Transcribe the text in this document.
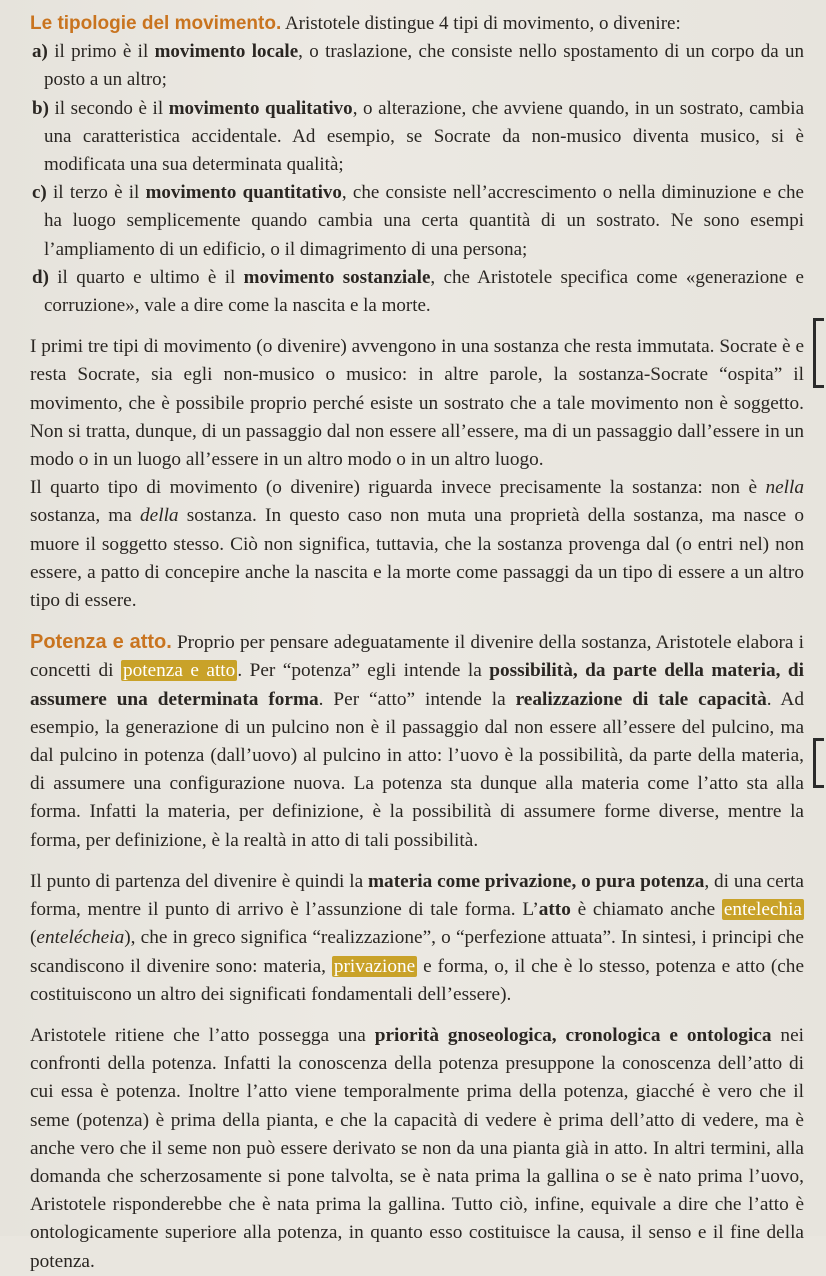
Le tipologie del movimento. Aristotele distingue 4 tipi di movimento, o divenire:

a) il primo è il movimento locale, o traslazione, che consiste nello spostamento di un corpo da un posto a un altro;
b) il secondo è il movimento qualitativo, o alterazione, che avviene quando, in un sostrato, cambia una caratteristica accidentale. Ad esempio, se Socrate da non-musico diventa musico, si è modificata una sua determinata qualità;
c) il terzo è il movimento quantitativo, che consiste nell’accrescimento o nella diminuzione e che ha luogo semplicemente quando cambia una certa quantità di un sostrato. Ne sono esempi l’ampliamento di un edificio, o il dimagrimento di una persona;
d) il quarto e ultimo è il movimento sostanziale, che Aristotele specifica come «generazione e corruzione», vale a dire come la nascita e la morte.

I primi tre tipi di movimento (o divenire) avvengono in una sostanza che resta immutata. Socrate è e resta Socrate, sia egli non-musico o musico: in altre parole, la sostanza-Socrate “ospita” il movimento, che è possibile proprio perché esiste un sostrato che a tale movimento non è soggetto. Non si tratta, dunque, di un passaggio dal non essere all’essere, ma di un passaggio dall’essere in un modo o in un luogo all’essere in un altro modo o in un altro luogo.

Il quarto tipo di movimento (o divenire) riguarda invece precisamente la sostanza: non è nella sostanza, ma della sostanza. In questo caso non muta una proprietà della sostanza, ma nasce o muore il soggetto stesso. Ciò non significa, tuttavia, che la sostanza provenga dal (o entri nel) non essere, a patto di concepire anche la nascita e la morte come passaggi da un tipo di essere a un altro tipo di essere.

Potenza e atto. Proprio per pensare adeguatamente il divenire della sostanza, Aristotele elabora i concetti di potenza e atto . Per “potenza” egli intende la possibilità, da parte della materia, di assumere una determinata forma. Per “atto” intende la realizzazione di tale capacità. Ad esempio, la generazione di un pulcino non è il passaggio dal non essere all’essere del pulcino, ma dal pulcino in potenza (dall’uovo) al pulcino in atto: l’uovo è la possibilità, da parte della materia, di assumere una configurazione nuova. La potenza sta dunque alla materia come l’atto sta alla forma. Infatti la materia, per definizione, è la possibilità di assumere forme diverse, mentre la forma, per definizione, è la realtà in atto di tali possibilità.

Il punto di partenza del divenire è quindi la materia come privazione, o pura potenza, di una certa forma, mentre il punto di arrivo è l’assunzione di tale forma. L’atto è chiamato anche entelechia (entelécheia), che in greco significa “realizzazione”, o “perfezione attuata”. In sintesi, i principi che scandiscono il divenire sono: materia, privazione e forma, o, il che è lo stesso, potenza e atto (che costituiscono un altro dei significati fondamentali dell’essere).

Aristotele ritiene che l’atto possegga una priorità gnoseologica, cronologica e ontologica nei confronti della potenza. Infatti la conoscenza della potenza presuppone la conoscenza dell’atto di cui essa è potenza. Inoltre l’atto viene temporalmente prima della potenza, giacché è vero che il seme (potenza) è prima della pianta, e che la capacità di vedere è prima dell’atto di vedere, ma è anche vero che il seme non può essere derivato se non da una pianta già in atto. In altri termini, alla domanda che scherzosamente si pone talvolta, se è nata prima la gallina o se è nato prima l’uovo, Aristotele risponderebbe che è nata prima la gallina. Tutto ciò, infine, equivale a dire che l’atto è ontologicamente superiore alla potenza, in quanto esso costituisce la causa, il senso e il fine della potenza.
